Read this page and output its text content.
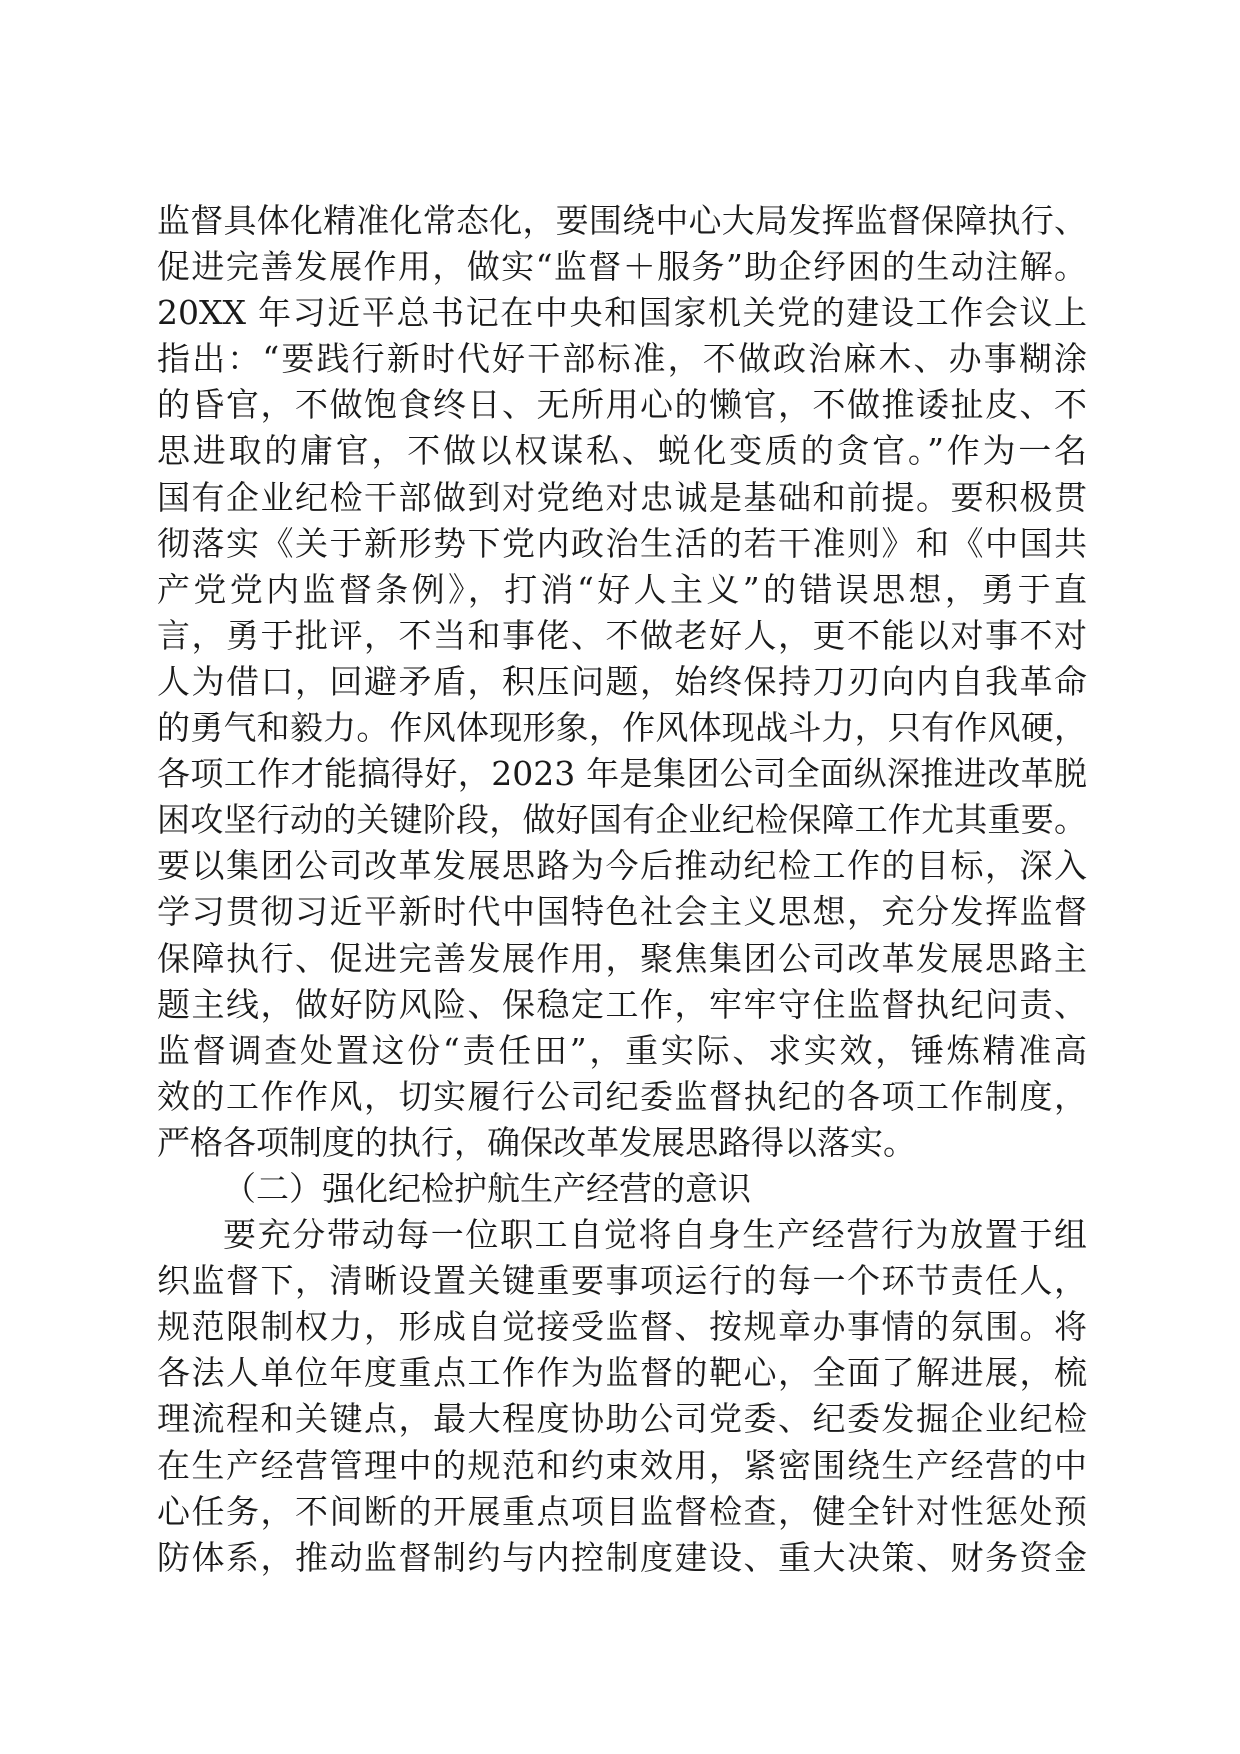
监督具体化精准化常态化，要围绕中心大局发挥监督保障执行、
促进完善发展作用，做实“监督＋服务”助企纾困的生动注解。
20XX 年习近平总书记在中央和国家机关党的建设工作会议上
指出：“要践行新时代好干部标准，不做政治麻木、办事糊涂
的昏官，不做饱食终日、无所用心的懒官，不做推诿扯皮、不
思进取的庸官，不做以权谋私、蜕化变质的贪官。”作为一名
国有企业纪检干部做到对党绝对忠诚是基础和前提。要积极贯
彻落实《关于新形势下党内政治生活的若干准则》和《中国共
产党党内监督条例》，打消“好人主义”的错误思想，勇于直
言，勇于批评，不当和事佬、不做老好人，更不能以对事不对
人为借口，回避矛盾，积压问题，始终保持刀刃向内自我革命
的勇气和毅力。作风体现形象，作风体现战斗力，只有作风硬，
各项工作才能搞得好，2023 年是集团公司全面纵深推进改革脱
困攻坚行动的关键阶段，做好国有企业纪检保障工作尤其重要。
要以集团公司改革发展思路为今后推动纪检工作的目标，深入
学习贯彻习近平新时代中国特色社会主义思想，充分发挥监督
保障执行、促进完善发展作用，聚焦集团公司改革发展思路主
题主线，做好防风险、保稳定工作，牢牢守住监督执纪问责、
监督调查处置这份“责任田”，重实际、求实效，锤炼精准高
效的工作作风，切实履行公司纪委监督执纪的各项工作制度，
严格各项制度的执行，确保改革发展思路得以落实。
（二）强化纪检护航生产经营的意识
要充分带动每一位职工自觉将自身生产经营行为放置于组
织监督下，清晰设置关键重要事项运行的每一个环节责任人，
规范限制权力，形成自觉接受监督、按规章办事情的氛围。将
各法人单位年度重点工作作为监督的靶心，全面了解进展，梳
理流程和关键点，最大程度协助公司党委、纪委发掘企业纪检
在生产经营管理中的规范和约束效用，紧密围绕生产经营的中
心任务，不间断的开展重点项目监督检查，健全针对性惩处预
防体系，推动监督制约与内控制度建设、重大决策、财务资金
